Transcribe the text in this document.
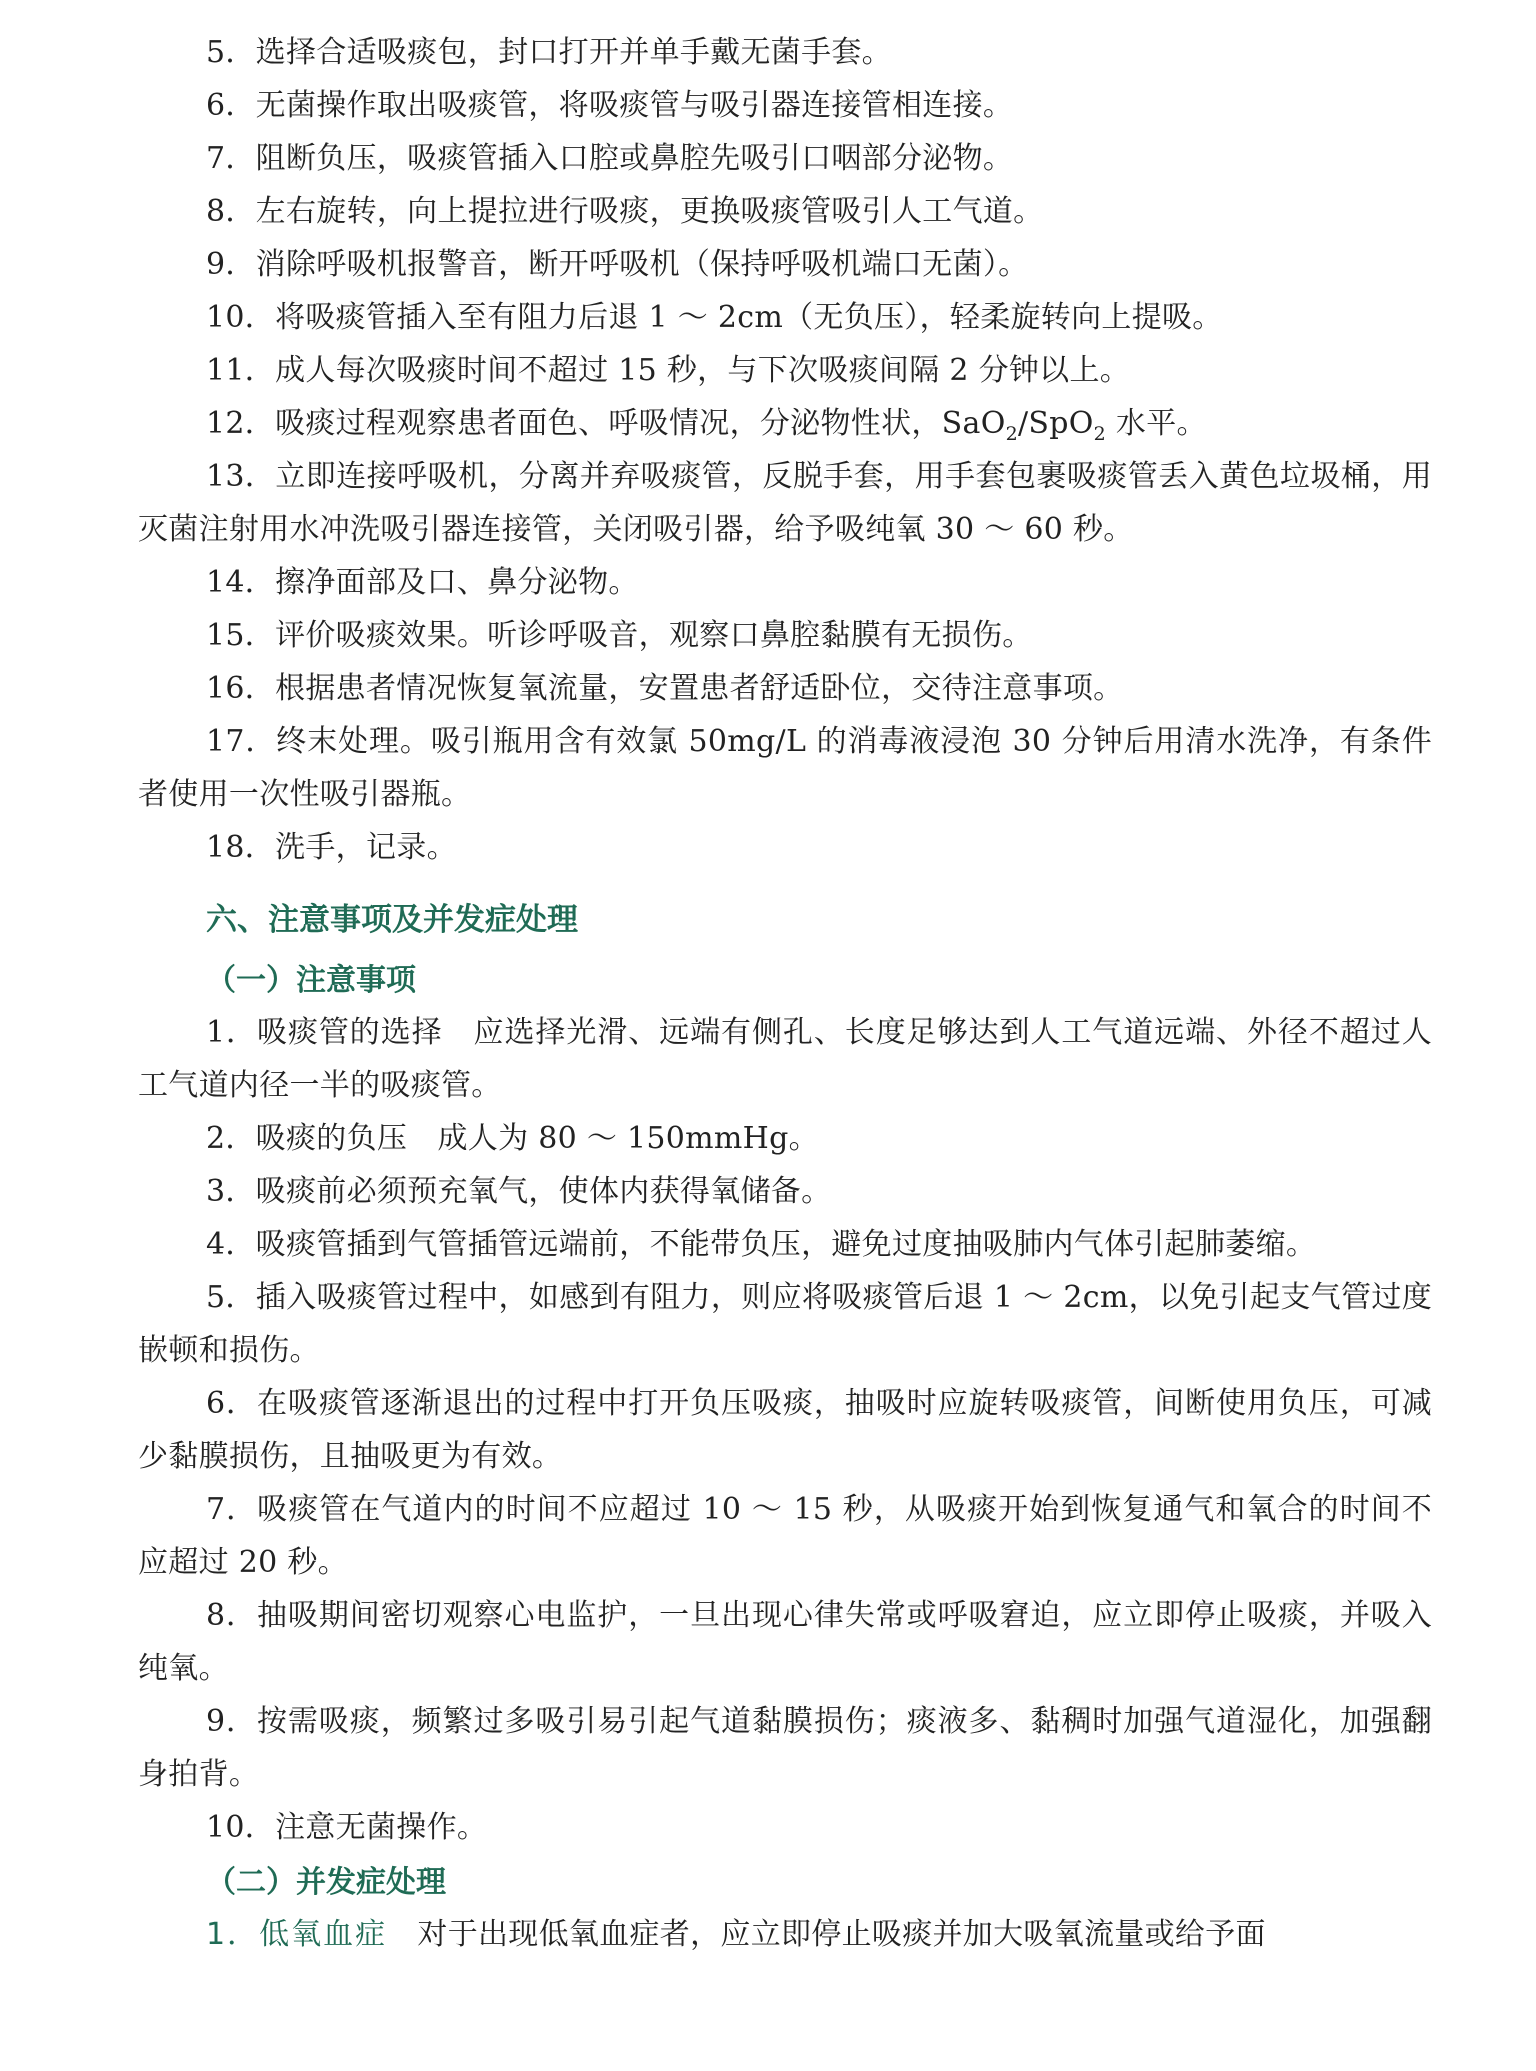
5．选择合适吸痰包，封口打开并单手戴无菌手套。

6．无菌操作取出吸痰管，将吸痰管与吸引器连接管相连接。

7．阻断负压，吸痰管插入口腔或鼻腔先吸引口咽部分泌物。

8．左右旋转，向上提拉进行吸痰，更换吸痰管吸引人工气道。

9．消除呼吸机报警音，断开呼吸机（保持呼吸机端口无菌）。

10．将吸痰管插入至有阻力后退 1 ～ 2cm（无负压），轻柔旋转向上提吸。

11．成人每次吸痰时间不超过 15 秒，与下次吸痰间隔 2 分钟以上。

12．吸痰过程观察患者面色、呼吸情况，分泌物性状，SaO$_2$/SpO$_2$ 水平。

13．立即连接呼吸机，分离并弃吸痰管，反脱手套，用手套包裹吸痰管丢入黄色垃圾桶，用灭菌注射用水冲洗吸引器连接管，关闭吸引器，给予吸纯氧 30 ～ 60 秒。

14．擦净面部及口、鼻分泌物。

15．评价吸痰效果。听诊呼吸音，观察口鼻腔黏膜有无损伤。

16．根据患者情况恢复氧流量，安置患者舒适卧位，交待注意事项。

17．终末处理。吸引瓶用含有效氯 50mg/L 的消毒液浸泡 30 分钟后用清水洗净，有条件者使用一次性吸引器瓶。

18．洗手，记录。

六、注意事项及并发症处理
（一）注意事项

1．吸痰管的选择　应选择光滑、远端有侧孔、长度足够达到人工气道远端、外径不超过人工气道内径一半的吸痰管。

2．吸痰的负压　成人为 80 ～ 150mmHg。

3．吸痰前必须预充氧气，使体内获得氧储备。

4．吸痰管插到气管插管远端前，不能带负压，避免过度抽吸肺内气体引起肺萎缩。

5．插入吸痰管过程中，如感到有阻力，则应将吸痰管后退 1 ～ 2cm，以免引起支气管过度嵌顿和损伤。

6．在吸痰管逐渐退出的过程中打开负压吸痰，抽吸时应旋转吸痰管，间断使用负压，可减少黏膜损伤，且抽吸更为有效。

7．吸痰管在气道内的时间不应超过 10 ～ 15 秒，从吸痰开始到恢复通气和氧合的时间不应超过 20 秒。

8．抽吸期间密切观察心电监护，一旦出现心律失常或呼吸窘迫，应立即停止吸痰，并吸入纯氧。

9．按需吸痰，频繁过多吸引易引起气道黏膜损伤；痰液多、黏稠时加强气道湿化，加强翻身拍背。

10．注意无菌操作。

（二）并发症处理

1．低氧血症　对于出现低氧血症者，应立即停止吸痰并加大吸氧流量或给予面
